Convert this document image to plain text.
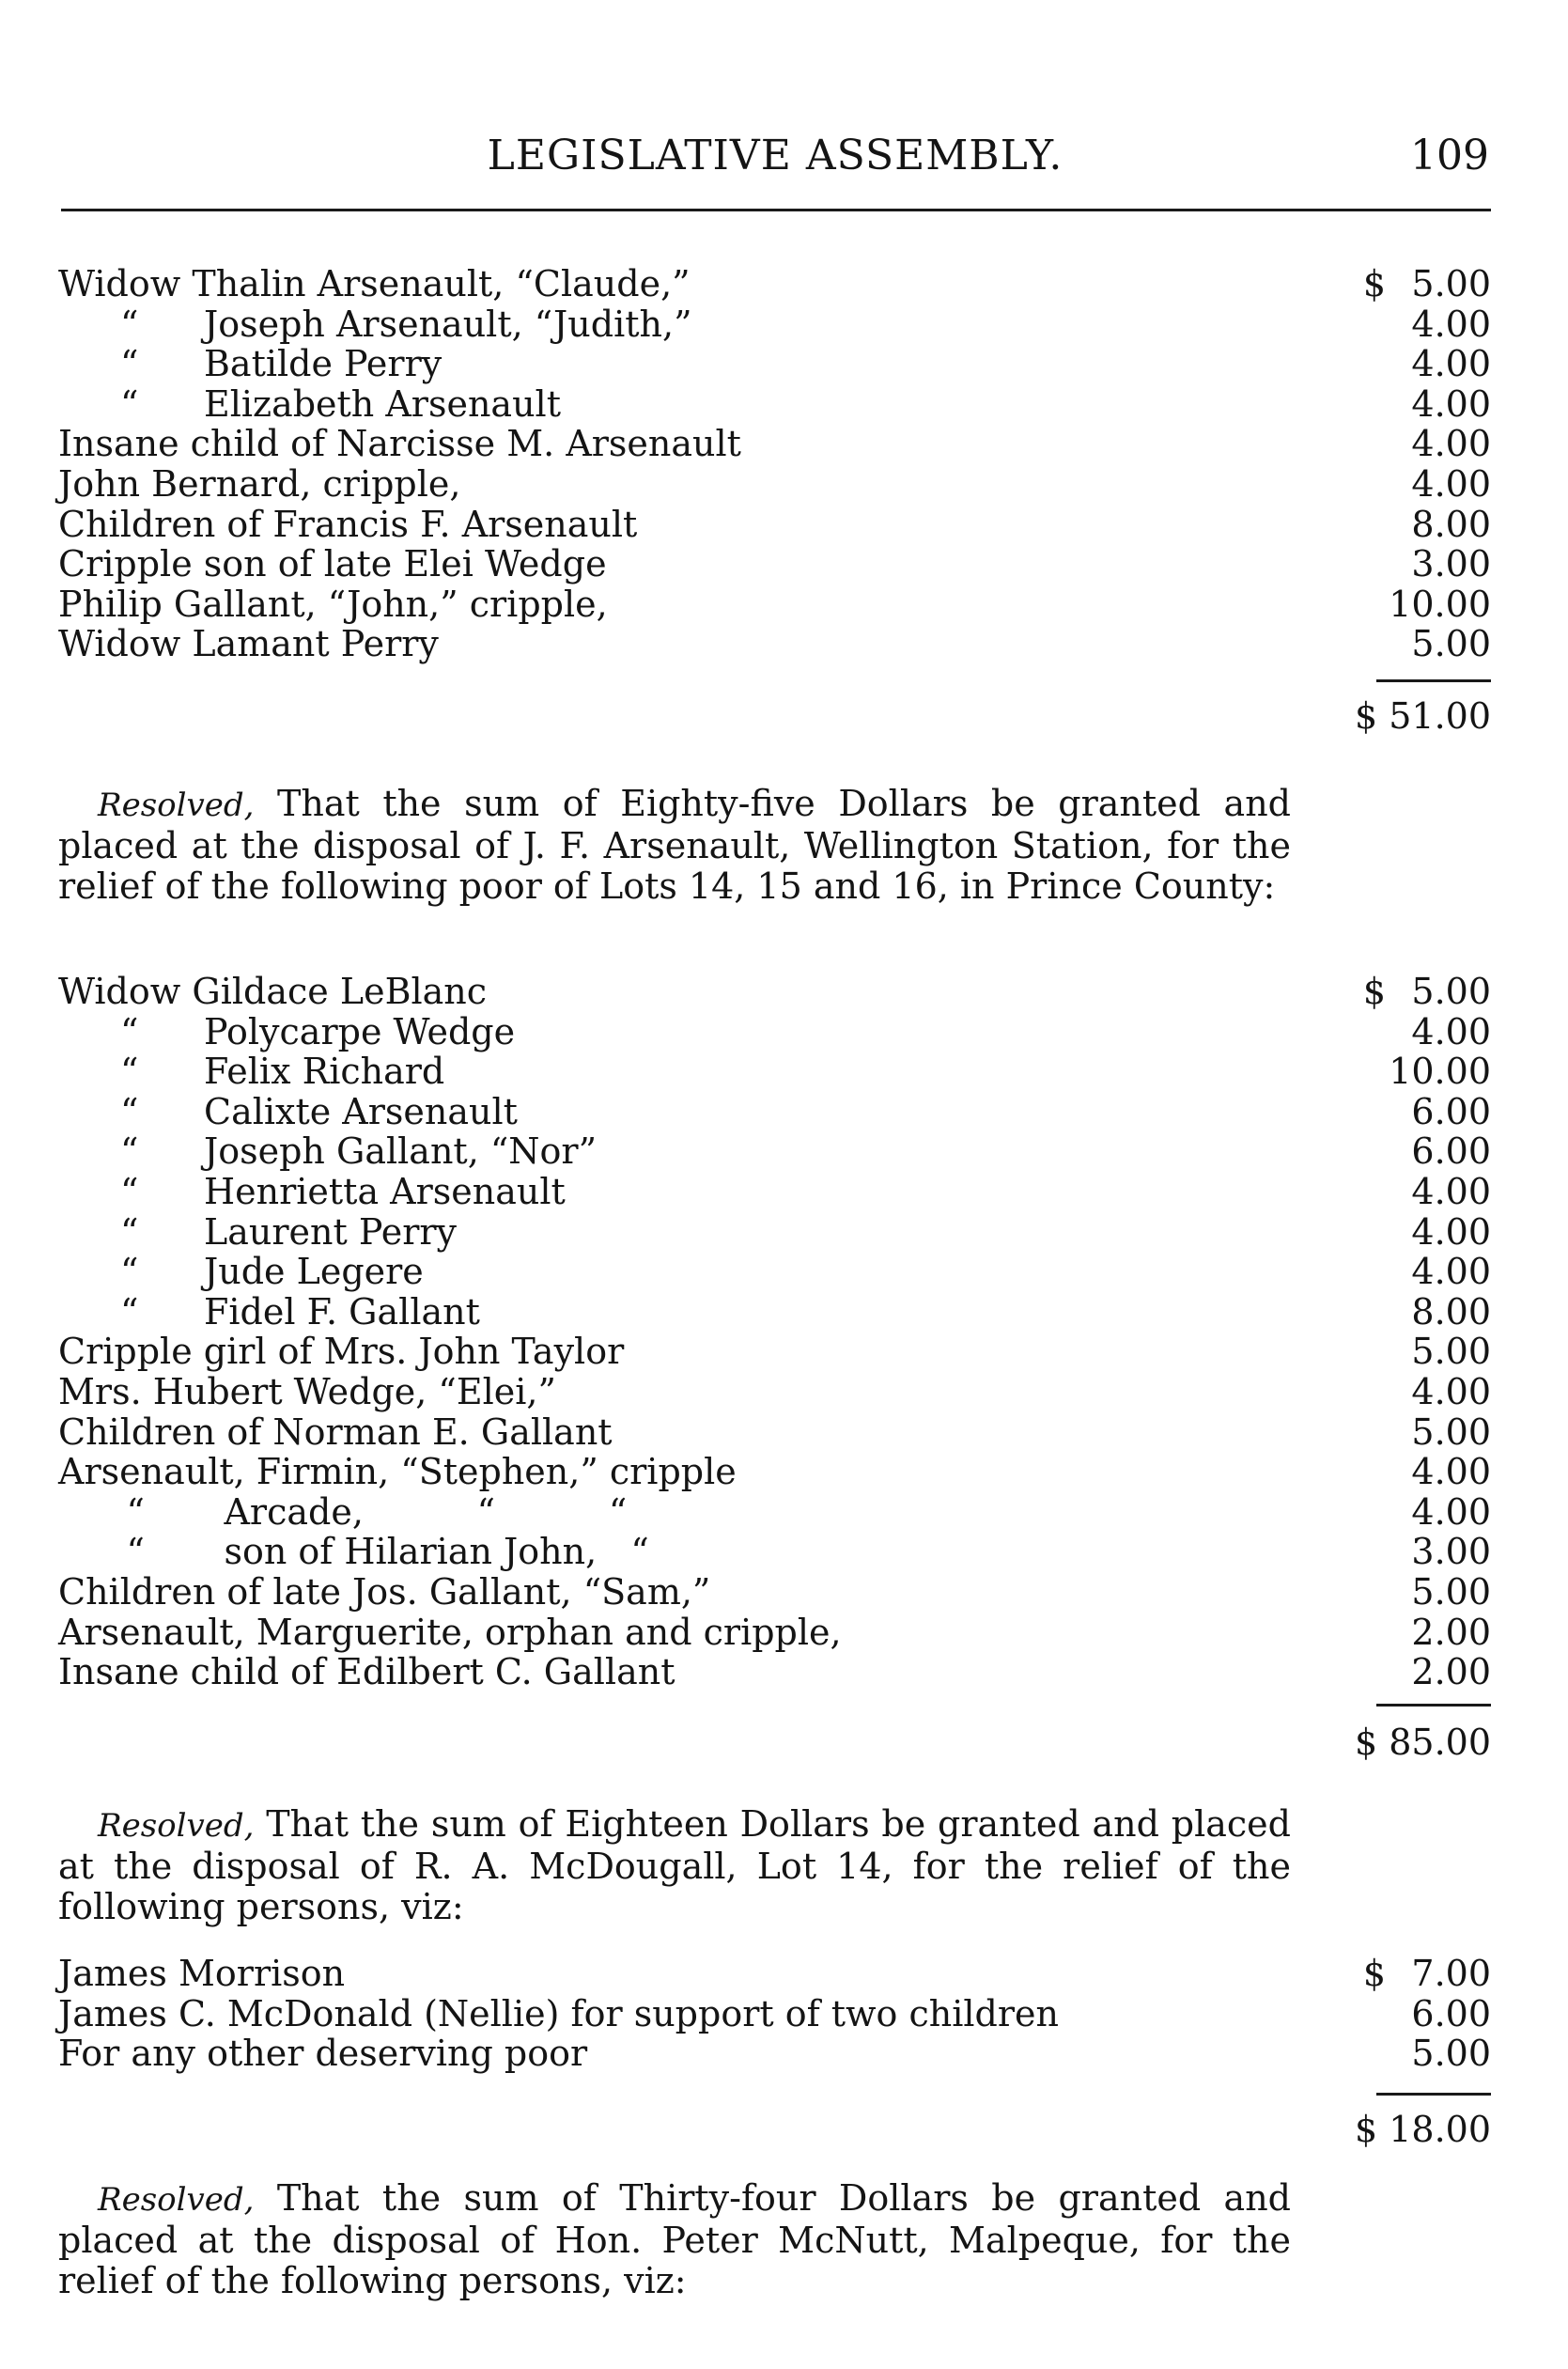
LEGISLATIVE ASSEMBLY.	109
Widow Thalin Arsenault, “Claude,”	$ 5.00
“ Joseph Arsenault, “Judith,”	4.00
“ Batilde Perry	4.00
“ Elizabeth Arsenault	4.00
Insane child of Narcisse M. Arsenault	4.00
John Bernard, cripple,	4.00
Children of Francis F. Arsenault	8.00
Cripple son of late Elei Wedge	3.00
Philip Gallant, “John,” cripple,	10.00
Widow Lamant Perry	5.00
$ 51.00
Resolved, That the sum of Eighty-five Dollars be granted and placed at the disposal of J. F. Arsenault, Wellington Station, for the relief of the following poor of Lots 14, 15 and 16, in Prince County:
Widow Gildace LeBlanc	$ 5.00
“ Polycarpe Wedge	4.00
“ Felix Richard	10.00
“ Calixte Arsenault	6.00
“ Joseph Gallant, “Nor”	6.00
“ Henrietta Arsenault	4.00
“ Laurent Perry	4.00
“ Jude Legere	4.00
“ Fidel F. Gallant	8.00
Cripple girl of Mrs. John Taylor	5.00
Mrs. Hubert Wedge, “Elei,”	4.00
Children of Norman E. Gallant	5.00
Arsenault, Firmin, “Stephen,” cripple	4.00
“       Arcade,          “          “	4.00
“       son of Hilarian John,   “	3.00
Children of late Jos. Gallant, “Sam,”	5.00
Arsenault, Marguerite, orphan and cripple,	2.00
Insane child of Edilbert C. Gallant	2.00
$ 85.00
Resolved, That the sum of Eighteen Dollars be granted and placed at the disposal of R. A. McDougall, Lot 14, for the relief of the following persons, viz:
James Morrison	$ 7.00
James C. McDonald (Nellie) for support of two children	6.00
For any other deserving poor	5.00
$ 18.00
Resolved, That the sum of Thirty-four Dollars be granted and placed at the disposal of Hon. Peter McNutt, Malpeque, for the relief of the following persons, viz:
